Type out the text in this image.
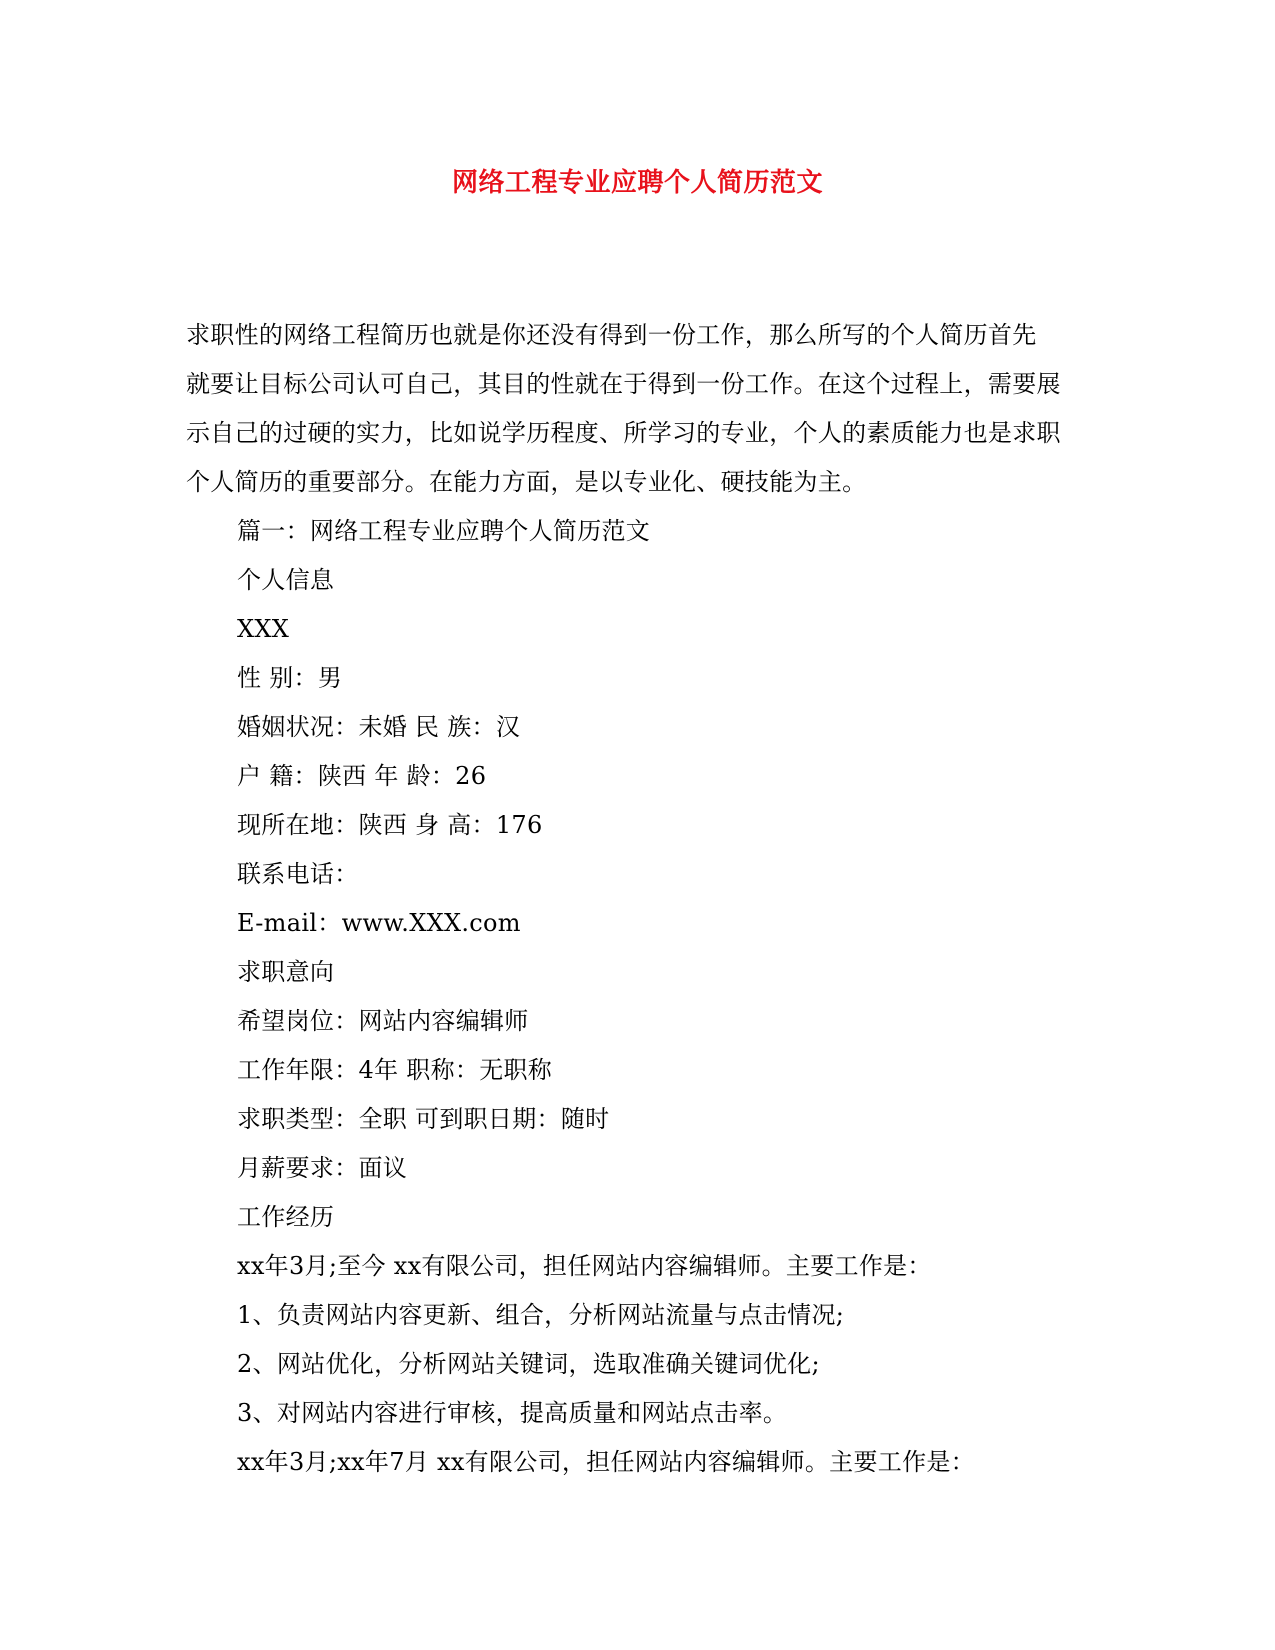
网络工程专业应聘个人简历范文

求职性的网络工程简历也就是你还没有得到一份工作，那么所写的个人简历首先

就要让目标公司认可自己，其目的性就在于得到一份工作。在这个过程上，需要展

示自己的过硬的实力，比如说学历程度、所学习的专业，个人的素质能力也是求职

个人简历的重要部分。在能力方面，是以专业化、硬技能为主。

篇一：网络工程专业应聘个人简历范文
个人信息
XXX
性 别：男
婚姻状况：未婚 民 族：汉
户 籍：陕西 年 龄：26
现所在地：陕西 身 高：176
联系电话：
E-mail：www.XXX.com
求职意向
希望岗位：网站内容编辑师
工作年限：4年 职称：无职称
求职类型：全职 可到职日期：随时
月薪要求：面议
工作经历
xx年3月;至今 xx有限公司，担任网站内容编辑师。主要工作是：
1、负责网站内容更新、组合，分析网站流量与点击情况;
2、网站优化，分析网站关键词，选取准确关键词优化;
3、对网站内容进行审核，提高质量和网站点击率。
xx年3月;xx年7月 xx有限公司，担任网站内容编辑师。主要工作是：
